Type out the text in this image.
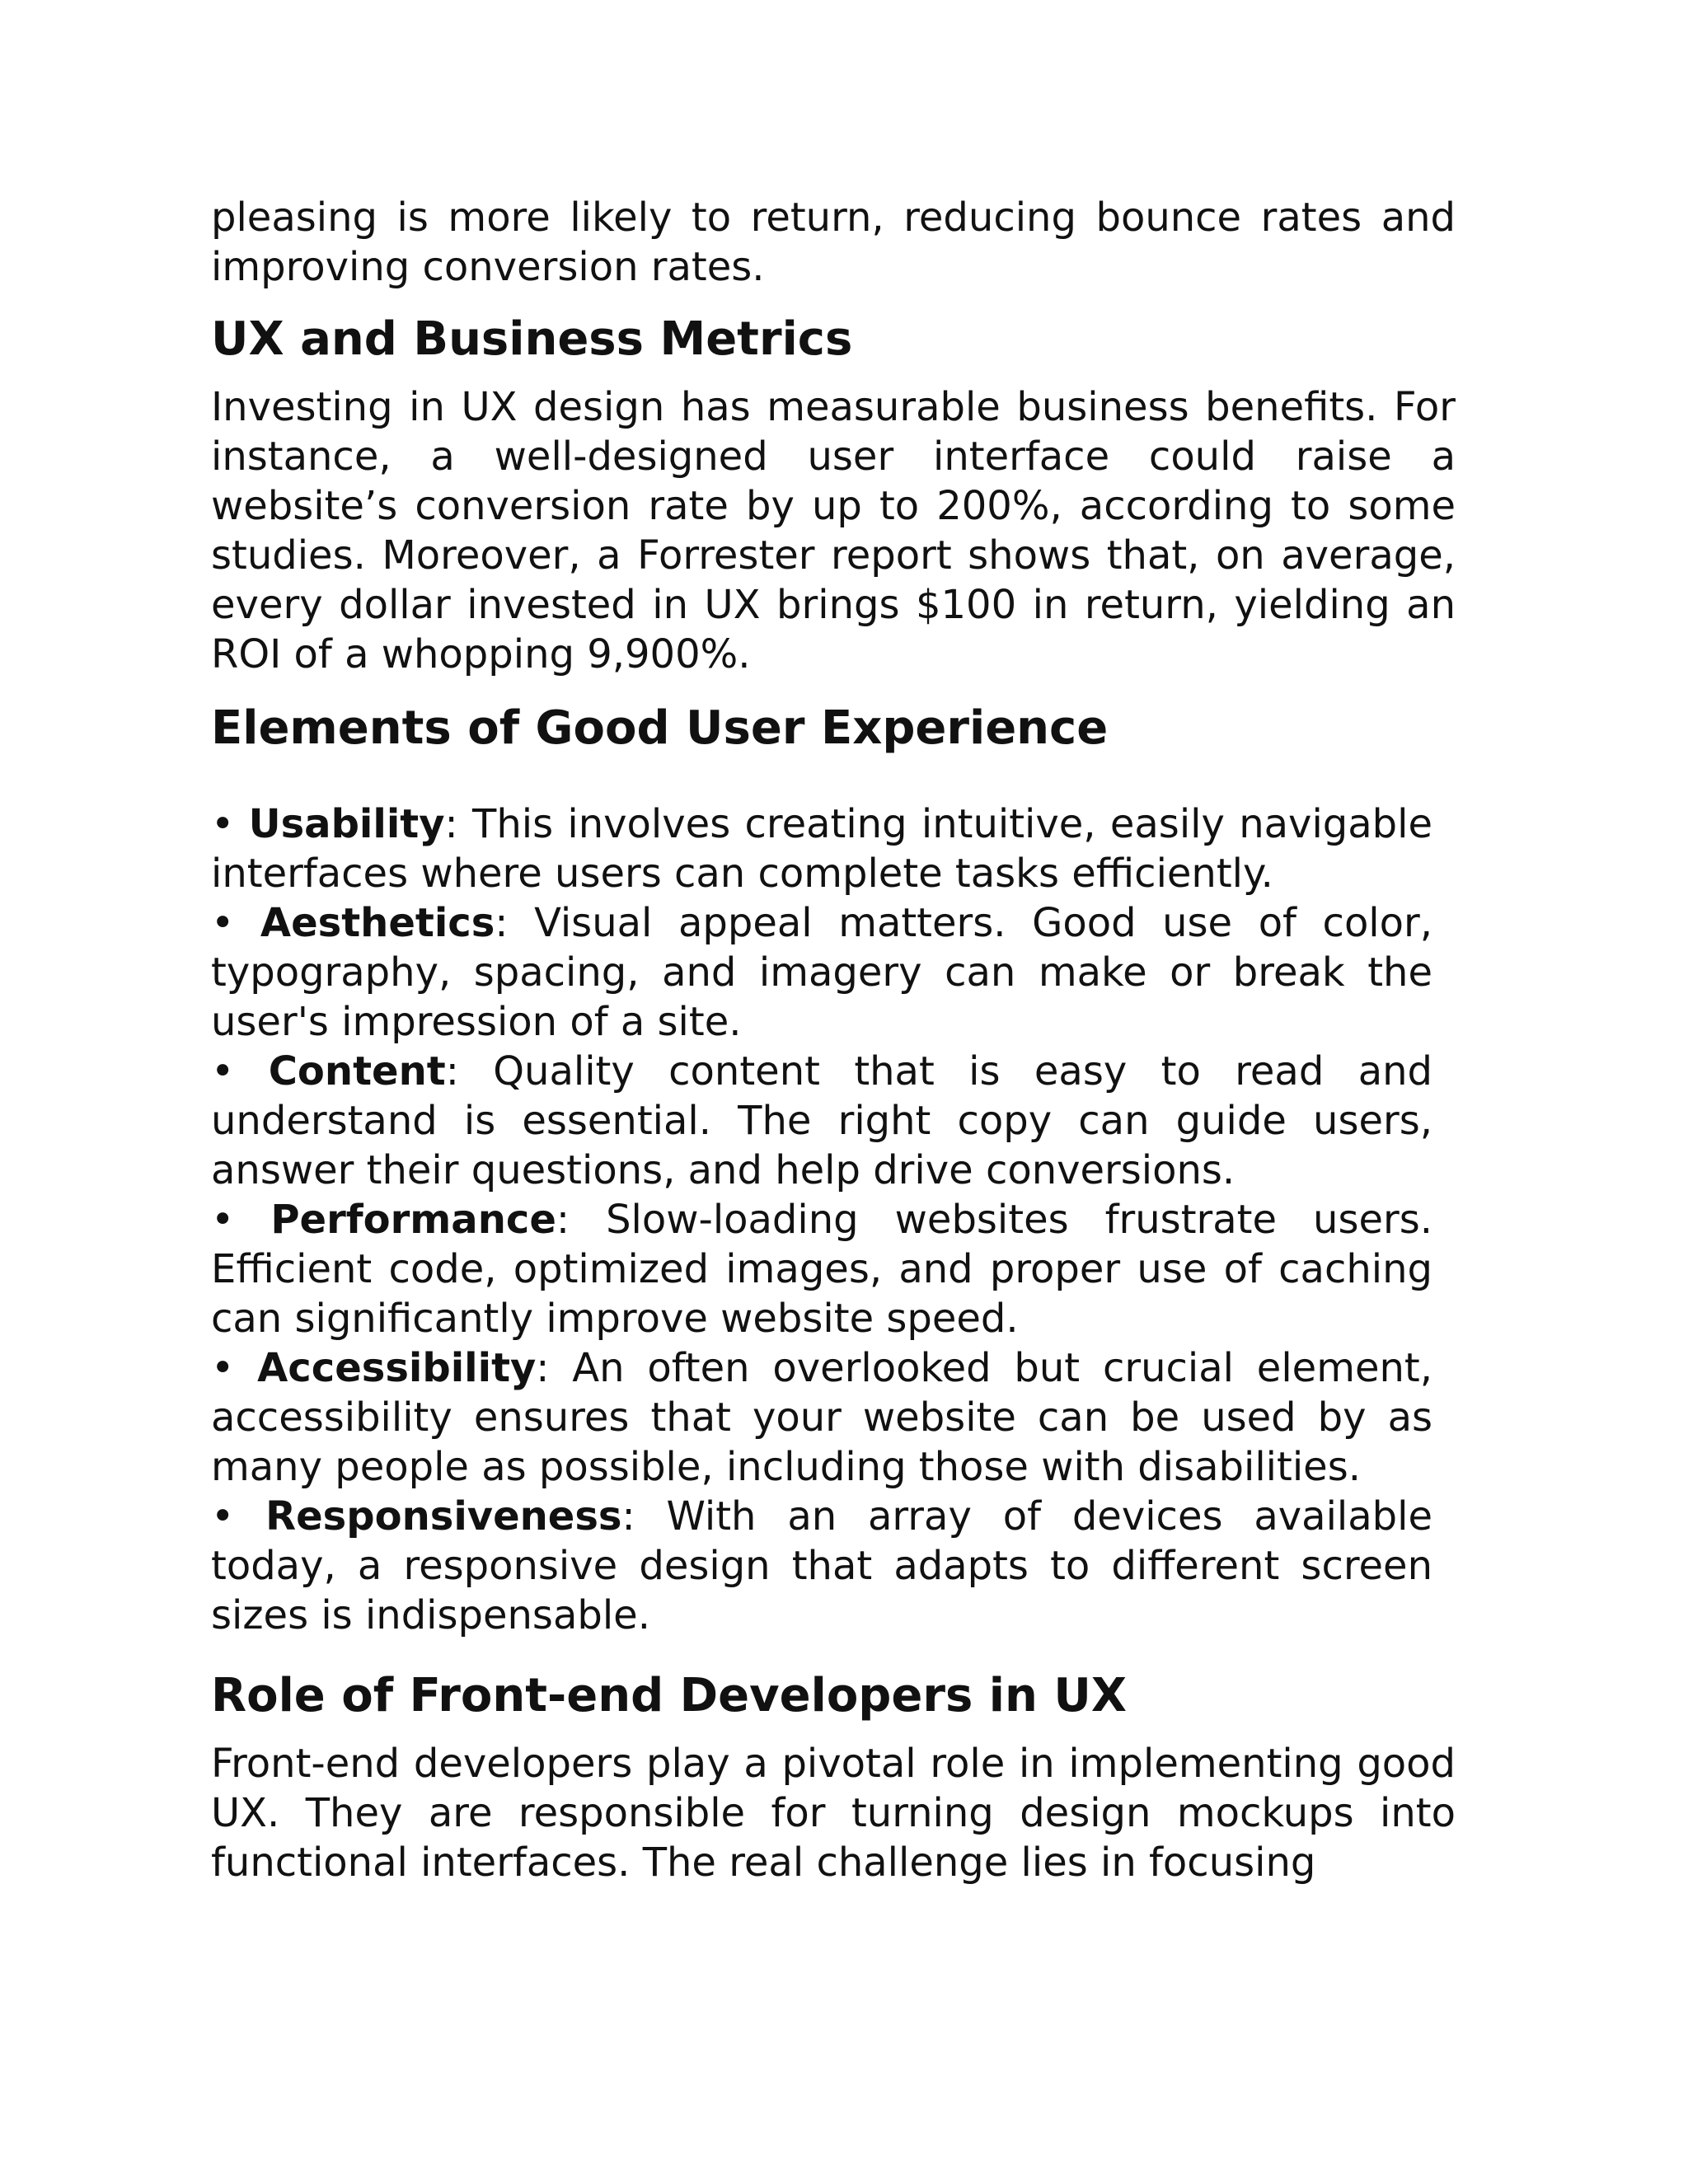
pleasing is more likely to return, reducing bounce rates and improving conversion rates.

UX and Business Metrics

Investing in UX design has measurable business benefits. For instance, a well-designed user interface could raise a website’s conversion rate by up to 200%, according to some studies. Moreover, a Forrester report shows that, on average, every dollar invested in UX brings $100 in return, yielding an ROI of a whopping 9,900%.

Elements of Good User Experience

• Usability: This involves creating intuitive, easily navigable interfaces where users can complete tasks efficiently.

• Aesthetics: Visual appeal matters. Good use of color, typography, spacing, and imagery can make or break the user's impression of a site.

• Content: Quality content that is easy to read and understand is essential. The right copy can guide users, answer their questions, and help drive conversions.

• Performance: Slow-loading websites frustrate users. Efficient code, optimized images, and proper use of caching can significantly improve website speed.

• Accessibility: An often overlooked but crucial element, accessibility ensures that your website can be used by as many people as possible, including those with disabilities.

• Responsiveness: With an array of devices available today, a responsive design that adapts to different screen sizes is indispensable.

Role of Front-end Developers in UX

Front-end developers play a pivotal role in implementing good UX. They are responsible for turning design mockups into functional interfaces. The real challenge lies in focusing
